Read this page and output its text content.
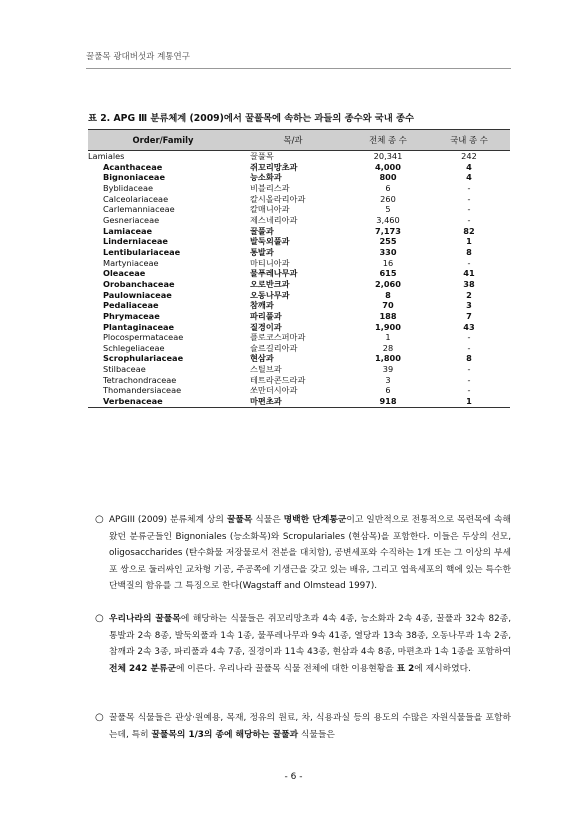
꿀풀목 광대버섯과 계통연구
표 2. APG Ⅲ 분류체계 (2009)에서 꿀풀목에 속하는 과들의 종수와 국내 종수
Order/Family	목/과	전체 종 수	국내 종 수
Lamiales	꿀풀목	20,341	242
Acanthaceae	쥐꼬리망초과	4,000	4
Bignoniaceae	능소화과	800	4
Byblidaceae	비블리스과	6	-
Calceolariaceae	칼시올라리아과	260	-
Carlemanniaceae	칼매니아과	5	-
Gesneriaceae	제스네리아과	3,460	-
Lamiaceae	꿀풀과	7,173	82
Linderniaceae	발둑외풀과	255	1
Lentibulariaceae	통발과	330	8
Martyniaceae	마티니아과	16	-
Oleaceae	물푸레나무과	615	41
Orobanchaceae	오로반크과	2,060	38
Paulowniaceae	오동나무과	8	2
Pedaliaceae	참깨과	70	3
Phrymaceae	파리풀과	188	7
Plantaginaceae	질경이과	1,900	43
Plocospermataceae	플로코스퍼마과	1	-
Schlegeliaceae	슐르길리아과	28	-
Scrophulariaceae	현삼과	1,800	8
Stilbaceae	스틸브과	39	-
Tetrachondraceae	테트라콘드라과	3	-
Thomandersiaceae	쏘만더시아과	6	-
Verbenaceae	마편초과	918	1
○ APGIII (2009) 분류체계 상의 꿀풀목 식물은 명백한 단계통군이고 일반적으로 전통적으로 목련목에 속해왔던 분류군들인 Bignoniales (능소화목)와 Scropulariales (현삼목)을 포함한다. 이들은 두상의 선모, oligosaccharides (탄수화물 저장물로서 전분을 대치함), 공변세포와 수직하는 1개 또는 그 이상의 부세포 쌍으로 둘러싸인 교차형 기공, 주공쪽에 기생근을 갖고 있는 배유, 그리고 엽육세포의 핵에 있는 특수한 단백질의 함유를 그 특징으로 한다(Wagstaff and Olmstead 1997).
○ 우리나라의 꿀풀목에 해당하는 식물들은 쥐꼬리망초과 4속 4종, 능소화과 2속 4종, 꿀풀과 32속 82종, 통발과 2속 8종, 발둑외풀과 1속 1종, 물푸레나무과 9속 41종, 열당과 13속 38종, 오동나무과 1속 2종, 참깨과 2속 3종, 파리풀과 4속 7종, 질경이과 11속 43종, 현삼과 4속 8종, 마편초과 1속 1종을 포함하여 전체 242 분류군에 이른다. 우리나라 꿀풀목 식물 전체에 대한 이용현황을 표 2에 제시하였다.
○ 꿀풀목 식물들은 관상·원예용, 목재, 정유의 원료, 차, 식용과실 등의 용도의 수많은 자원식물들을 포함하는데, 특히 꿀풀목의 1/3의 종에 해당하는 꿀풀과 식물들은
- 6 -
